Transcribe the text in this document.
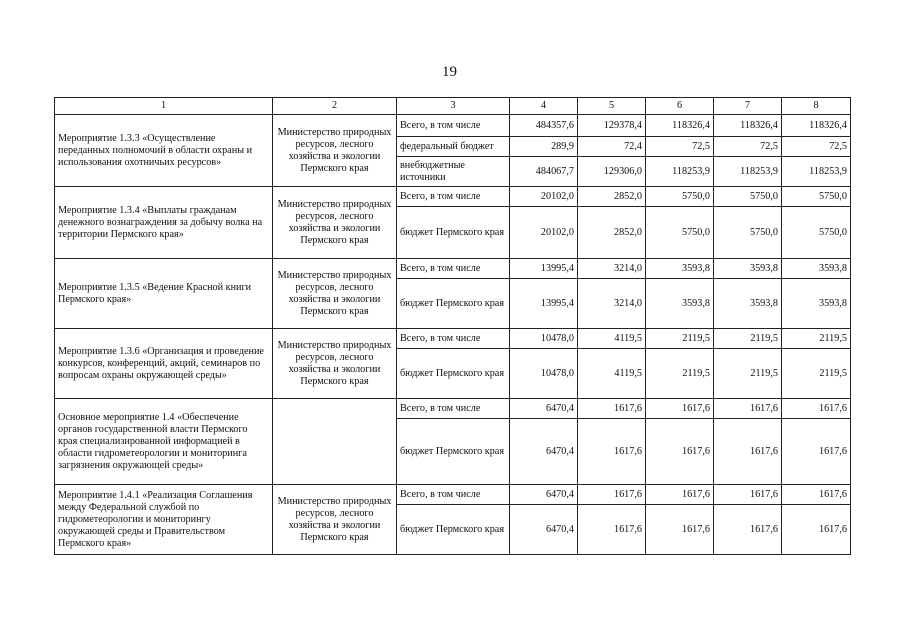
19
1	2	3	4	5	6	7	8
Мероприятие 1.3.3 «Осуществление переданных полномочий в области охраны и использования охотничьих ресурсов»	Министерство природных ресурсов, лесного хозяйства и экологии Пермского края	Всего, в том числе	484357,6	129378,4	118326,4	118326,4	118326,4
		федеральный бюджет	289,9	72,4	72,5	72,5	72,5
		внебюджетные источники	484067,7	129306,0	118253,9	118253,9	118253,9
Мероприятие 1.3.4 «Выплаты гражданам денежного вознаграждения за добычу волка на территории Пермского края»	Министерство природных ресурсов, лесного хозяйства и экологии Пермского края	Всего, в том числе	20102,0	2852,0	5750,0	5750,0	5750,0
		бюджет Пермского края	20102,0	2852,0	5750,0	5750,0	5750,0
Мероприятие 1.3.5 «Ведение Красной книги Пермского края»	Министерство природных ресурсов, лесного хозяйства и экологии Пермского края	Всего, в том числе	13995,4	3214,0	3593,8	3593,8	3593,8
		бюджет Пермского края	13995,4	3214,0	3593,8	3593,8	3593,8
Мероприятие 1.3.6 «Организация и проведение конкурсов, конференций, акций, семинаров по вопросам охраны окружающей среды»	Министерство природных ресурсов, лесного хозяйства и экологии Пермского края	Всего, в том числе	10478,0	4119,5	2119,5	2119,5	2119,5
		бюджет Пермского края	10478,0	4119,5	2119,5	2119,5	2119,5
Основное мероприятие 1.4 «Обеспечение органов государственной власти Пермского края специализированной информацией в области гидрометеорологии и мониторинга загрязнения окружающей среды»		Всего, в том числе	6470,4	1617,6	1617,6	1617,6	1617,6
		бюджет Пермского края	6470,4	1617,6	1617,6	1617,6	1617,6
Мероприятие 1.4.1 «Реализация Соглашения между Федеральной службой по гидрометеорологии и мониторингу окружающей среды и Правительством Пермского края»	Министерство природных ресурсов, лесного хозяйства и экологии Пермского края	Всего, в том числе	6470,4	1617,6	1617,6	1617,6	1617,6
		бюджет Пермского края	6470,4	1617,6	1617,6	1617,6	1617,6
